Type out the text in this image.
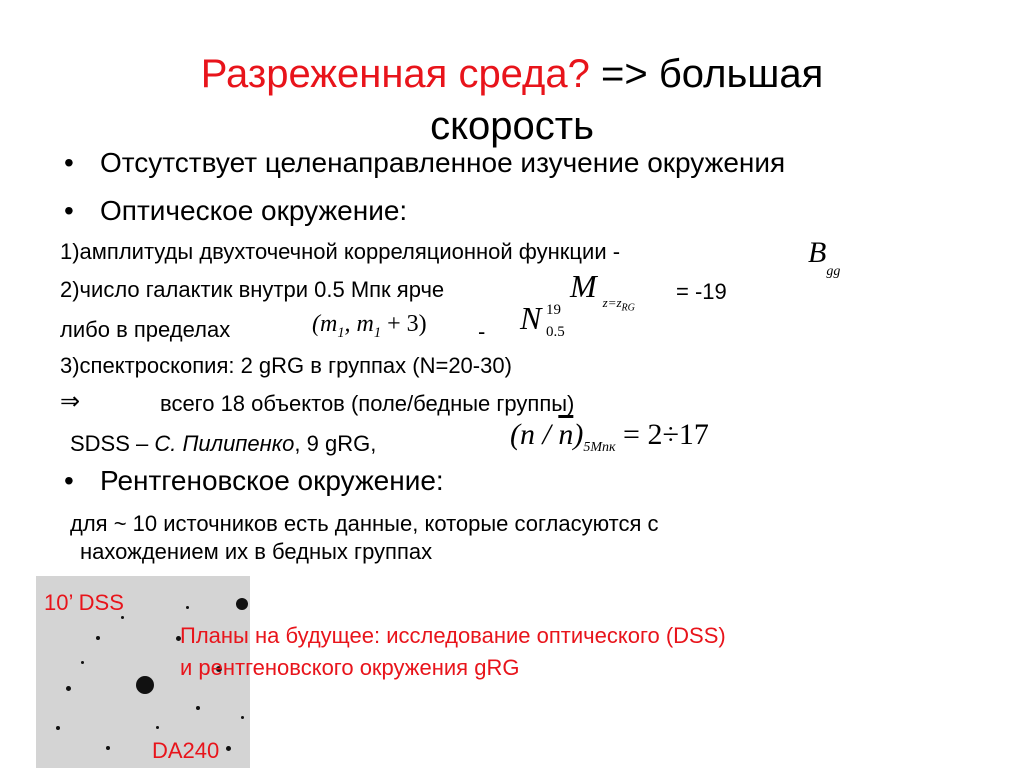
Разреженная среда? => большая
скорость
• Отсутствует целенаправленное изучение окружения
• Оптическое окружение:
1)амплитуды двухточечной корреляционной функции -	$B_{gg}$
2)число галактик внутри 0.5 Мпк ярче	M $_{z=z_{RG}}$
= -19
либо в пределах	($m_1$, $m_1 + 3) - N$ 19
0.5
3)спектроскопия: 2 gRG в группах (N=20-30)
⇒	всего 18 объектов (поле/бедные группы)
SDSS – С. Пилипенко, 9 gRG,	$(n / \overline{n})_{5Mпк} = 2\div 17$
• Рентгеновское окружение:
для ~ 10 источников есть данные, которые согласуются с
нахождением их в бедных группах
10’ DSS
DA240
Планы на будущее: исследование оптического (DSS)
и рентгеновского окружения gRG
